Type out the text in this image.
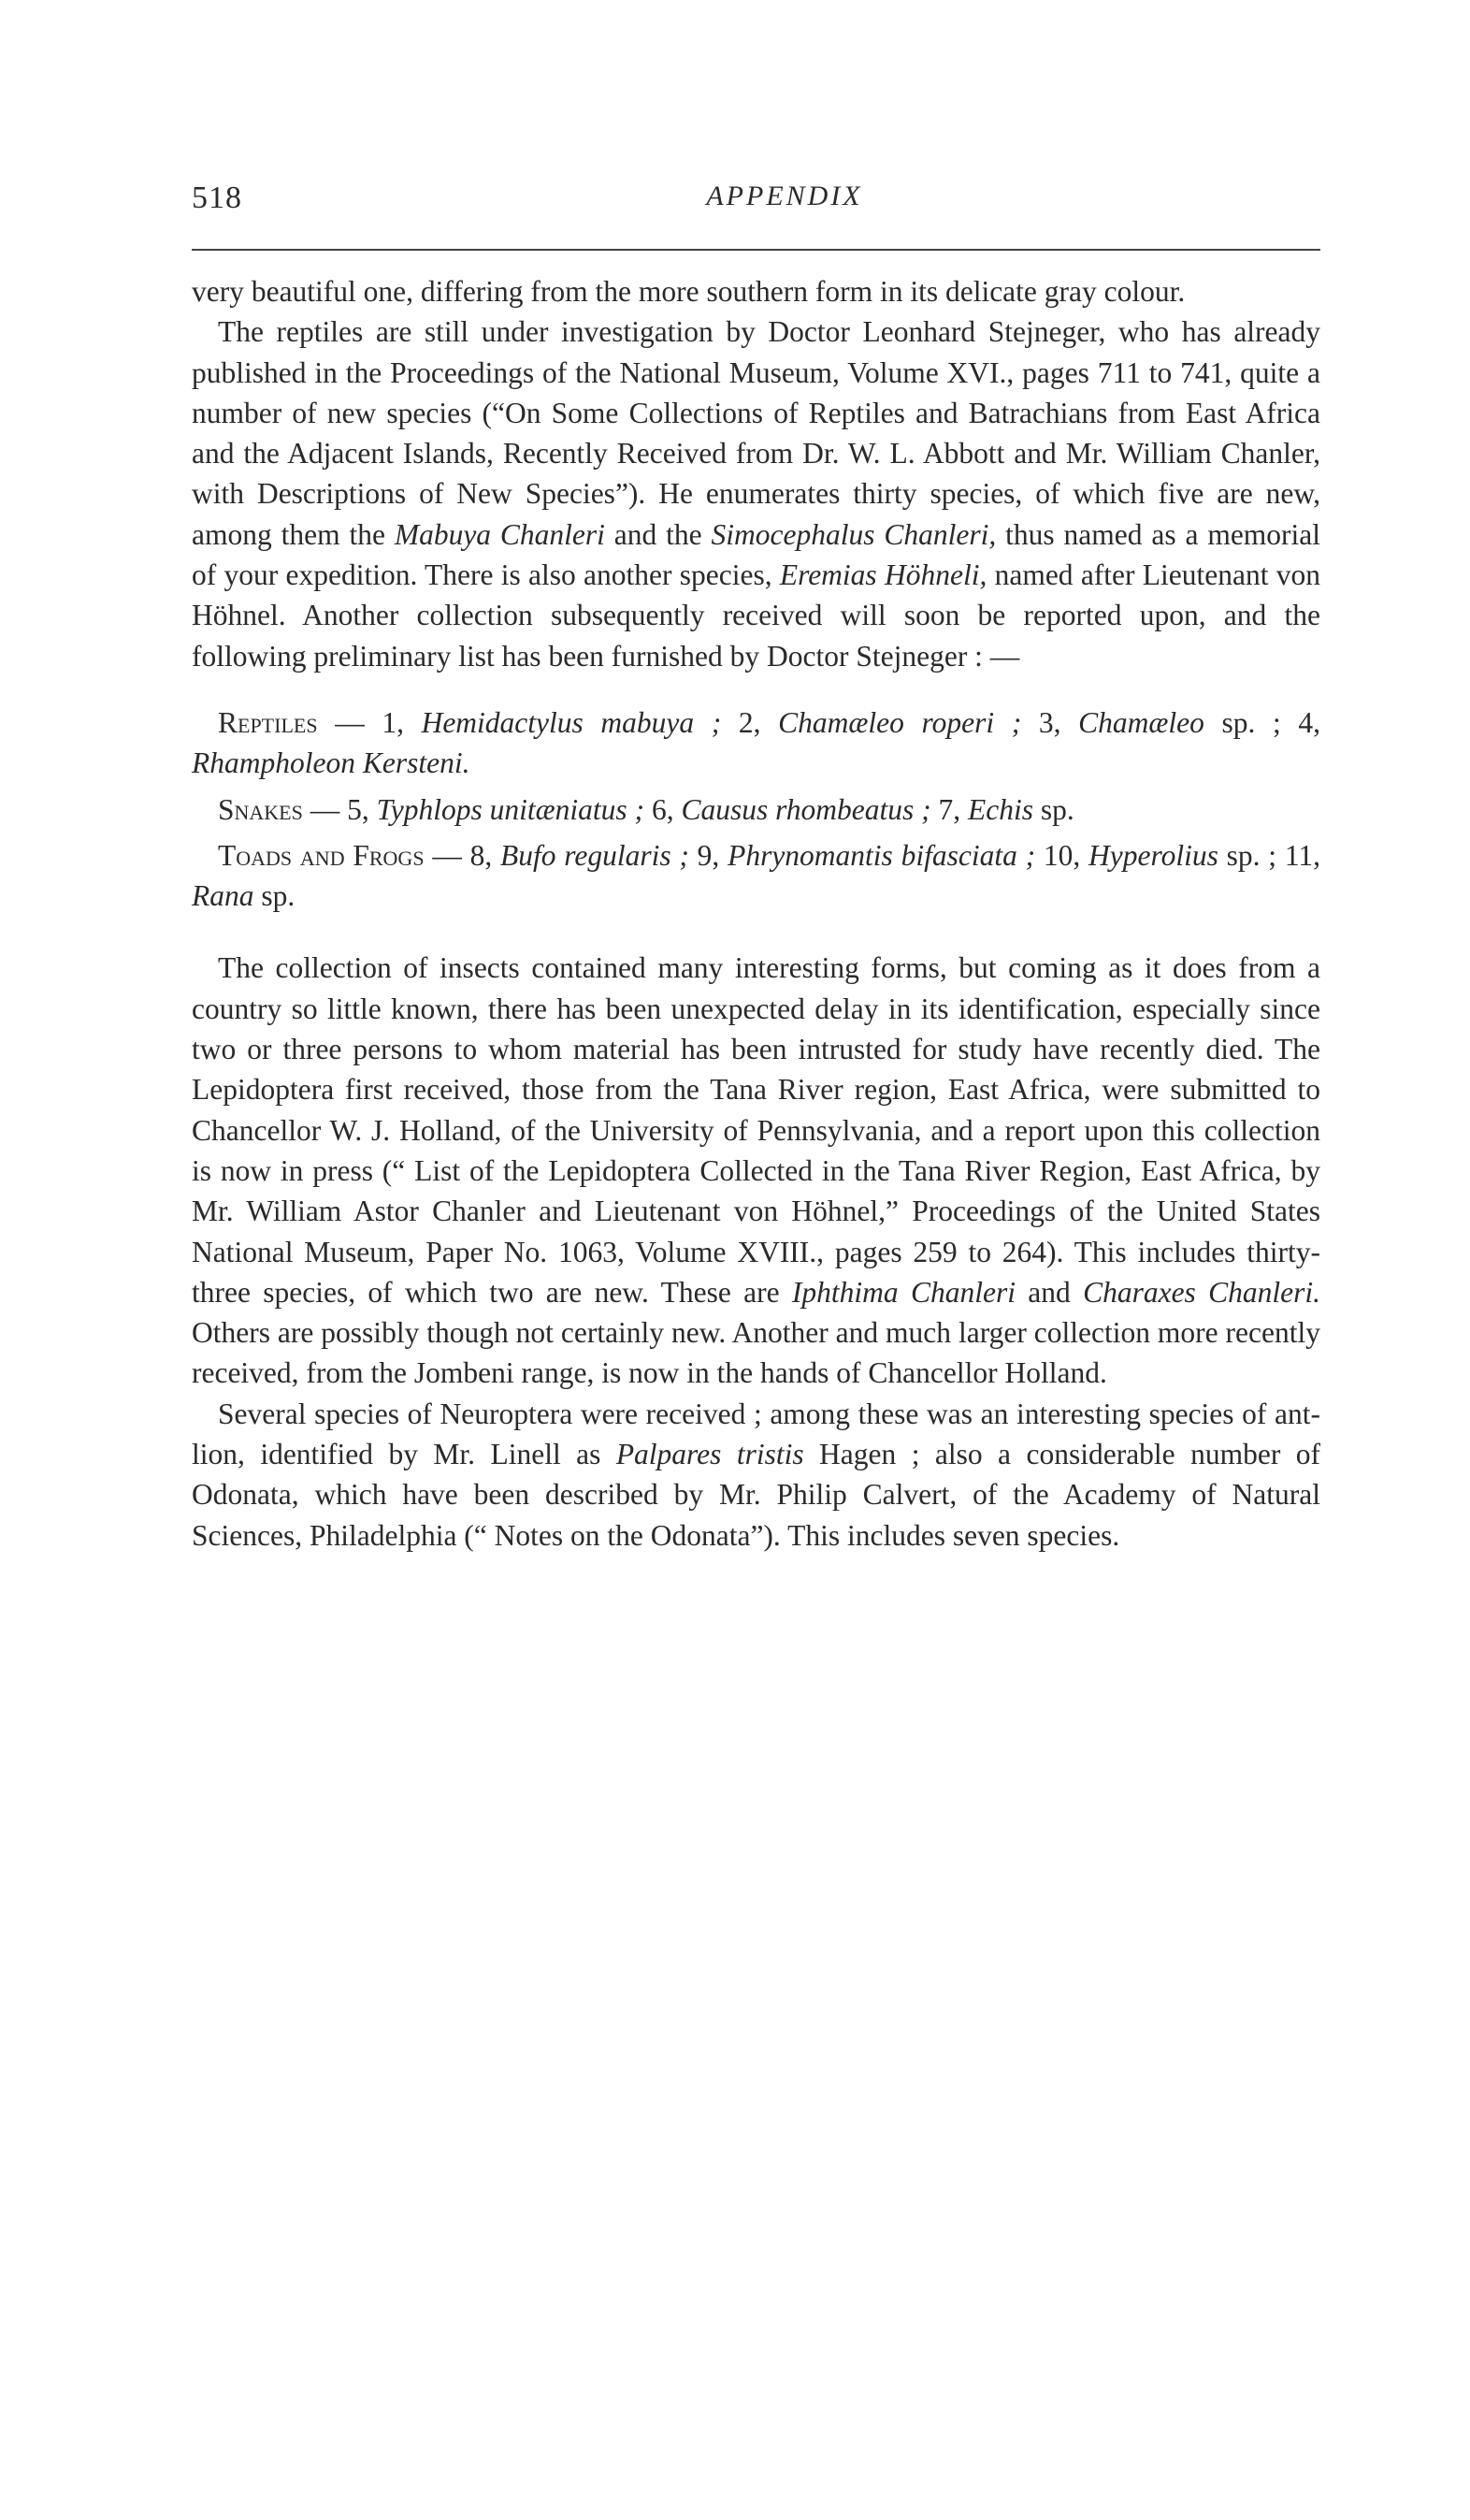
518	APPENDIX

very beautiful one, differing from the more southern form in its delicate gray colour.

The reptiles are still under investigation by Doctor Leonhard Stejneger, who has already published in the Proceedings of the National Museum, Volume XVI., pages 711 to 741, quite a number of new species (“On Some Collections of Reptiles and Batrachians from East Africa and the Adjacent Islands, Recently Received from Dr. W. L. Abbott and Mr. William Chanler, with Descriptions of New Species”). He enumerates thirty species, of which five are new, among them the Mabuya Chanleri and the Simocephalus Chanleri, thus named as a memorial of your expedition. There is also another species, Eremias Höhneli, named after Lieutenant von Höhnel. Another collection subsequently received will soon be reported upon, and the following preliminary list has been furnished by Doctor Stejneger : —

Reptiles — 1, Hemidactylus mabuya ; 2, Chamæleo roperi ; 3, Chamæleo sp. ; 4, Rhampholeon Kersteni.

Snakes — 5, Typhlops unitæniatus ; 6, Causus rhombeatus ; 7, Echis sp.

Toads and Frogs — 8, Bufo regularis ; 9, Phrynomantis bifasciata ; 10, Hyperolius sp. ; 11, Rana sp.

The collection of insects contained many interesting forms, but coming as it does from a country so little known, there has been unexpected delay in its identification, especially since two or three persons to whom material has been intrusted for study have recently died. The Lepidoptera first received, those from the Tana River region, East Africa, were submitted to Chancellor W. J. Holland, of the University of Pennsylvania, and a report upon this collection is now in press (“ List of the Lepidoptera Collected in the Tana River Region, East Africa, by Mr. William Astor Chanler and Lieutenant von Höhnel,” Proceedings of the United States National Museum, Paper No. 1063, Volume XVIII., pages 259 to 264). This includes thirty-three species, of which two are new. These are Iphthima Chanleri and Charaxes Chanleri. Others are possibly though not certainly new. Another and much larger collection more recently received, from the Jombeni range, is now in the hands of Chancellor Holland.

Several species of Neuroptera were received ; among these was an interesting species of ant-lion, identified by Mr. Linell as Palpares tristis Hagen ; also a considerable number of Odonata, which have been described by Mr. Philip Calvert, of the Academy of Natural Sciences, Philadelphia (“ Notes on the Odonata”). This includes seven species.
